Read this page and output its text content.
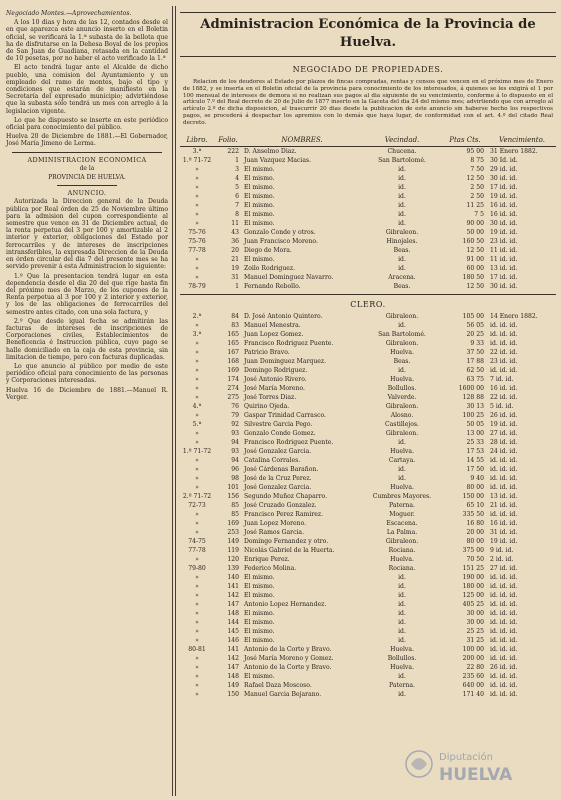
Negociado Montes.—Aprovechamientos.

A los 10 dias y hora de las 12, contados desde el en que aparezca este anuncio inserto en el Boletin oficial, se verificará la 1.ª subasta de la bellota que ha de disfrutarse en la Dehesa Boyal de los propios de San Juan de Guadiana, retasada en la cantidad de 10 pesetas, por no haber el acto verificado la 1.ª

El acto tendrá lugar ante el Alcalde de dicho pueblo, una comision del Ayuntamiento y un empleado del ramo de montes, bajo el tipo y condiciones que estarán de manifiesto en la Secretaría del expresado municipio; advirtiéndose que la subasta sólo tendrá un mes con arreglo á la legislacion vigente.

Lo que he dispuesto se inserte en este periódico oficial para conocimiento del público.

Huelva 20 de Diciembre de 1881.—El Gobernador, José María Jimeno de Lerma.

ADMINISTRACION ECONOMICA

de la

PROVINCIA DE HUELVA.

ANUNCIO.

Autorizada la Direccion general de la Deuda pública por Real órden de 25 de Noviembre último para la admision del cupon correspondiente al semestre que vence en 31 de Diciembre actual, de la renta perpetua del 3 por 100 y amortizable al 2 interior y exterior, obligaciones del Estado por ferrocarriles y de intereses de inscripciones intransferibles, la expresada Direccion de la Deuda en órden circular del dia 7 del presente mes se ha servido prevenir á esta Administracion lo siguiente:

1.º Que la presentacion tendrá lugar en esta dependencia desde el dia 20 del que rige hasta fin del próximo mes de Marzo, de los cupones de la Renta perpetua al 3 por 100 y 2 interior y exterior, y los de las obligaciones de ferrocarriles del semestre antes citado, con una sola factura, y

2.º Que desde igual fecha se admitirán las facturas de intereses de inscripciones de Corporaciones civiles, Establecimientos de Beneficencia é Instruccion pública, cuyo pago se halle domiciliado en la caja de esta provincia, sin limitacion de tiempo, pero con facturas duplicadas.

Lo que anuncio al público por medio de este periódico oficial para conocimiento de las personas y Corporaciones interesadas.

Huelva 16 de Diciembre de 1881.—Manuel R. Verger.

Administracion Económica de la Provincia de Huelva.
NEGOCIADO DE PROPIEDADES.

Relacion de los deudores al Estado por plazos de fincas compradas, rentas y censos que vencen en el próximo mes de Enero de 1882, y se inserta en el Boletin oficial de la provincia para conocimiento de los interesados, á quienes se les exigirá el 1 por 100 mensual de intereses de demora si no realizan sus pagos al dia siguiente de su vencimiento, conforme á lo dispuesto en el artículo 7.º del Real decreto de 20 de Julio de 1877 inserto en la Gaceta del dia 24 del mismo mes; advirtiendo que con arreglo al artículo 2.º de dicha disposicion, al trascurrir 20 dias desde la publicacion de este anuncio sin haberse hecho los respectivos pagos, se procederá á despachar los apremios con lo demás que haya lugar, de conformidad con el art. 4.º del citado Real decreto.

Libro.	Folio.	NOMBRES.	Vecindad.	Ptas Cts.	Vencimiento.
3.ª	222 D. Anselmo Diaz.	Chucena.	95 00 31 Enero 1882.
1.º 71-72	1 Juan Vazquez Macias.	San Bartolomé.	8 75 30 Id. id.
»	3 El mismo.	id.	7 50 29 id. id.
»	4 El mismo.	id.	12 50 30 id. id.
»	5 El mismo.	id.	2 50 17 id. id.
»	6 El mismo.	id.	2 50 19 id. id.
»	7 El mismo.	id.	11 25 16 id. id.
»	8 El mismo.	id.	7 5 16 id. id.
»	11 El mismo.	id.	90 00 30 id. id.
75-76	43 Gonzalo Conde y otros.	Gibraleon.	50 00 19 id. id.
75-76	36 Juan Francisco Moreno.	Hinojales.	160 50 23 id. id.
77-78	20 Diego de Mora.	Beas.	12 50 11 id. id.
»	21 El mismo.	id.	91 00 11 id. id.
»	19 Zoilo Rodriguez.	id.	60 00 13 id. id.
»	31 Manuel Dominguez Navarro.	Aracena.	180 50 17 id. id.
78-79	1 Fernando Rebollo.	Beas.	12 50 30 id. id.
CLERO.
2.ª	84 D. José Antonio Quintero.	Gibraleon.	105 00 14 Enero 1882.
»	83 Manuel Menestra.	id.	56 05 id. id. id.
3.ª	165 Juan Lopez Gomez.	San Bartolomé.	20 25 id. id. id.
»	165 Francisco Rodriguez Puente.	Gibraleon.	9 33 id. id. id.
»	167 Patricio Bravo.	Huelva.	37 50 22 id. id.
»	168 Juan Dominguez Marquez.	Beas.	17 88 23 id. id.
»	169 Domingo Rodriguez.	id.	62 50 id. id. id.
»	174 José Antonio Rivero.	Huelva.	63 75 7 id. id.
»	274 José María Moreno.	Bollullos.	1600 00 16 id. id.
»	275 José Torres Diaz.	Valverde.	128 88 22 id. id.
4.ª	76 Quirino Ojeda.	Gibraleon.	30 13 5 id. id.
»	79 Gaspar Trinidad Carrasco.	Alosno.	100 25 26 id. id.
5.ª	92 Silvestre Garcia Pego.	Castillejos.	50 05 19 id. id.
»	93 Gonzalo Conde Gomez.	Gibraleon.	13 00 27 id. id.
»	94 Francisco Rodriguez Puente.	id.	25 33 28 id. id.
1.º 71-72	93 José Gonzalez Garcia.	Huelva.	17 53 24 id. id.
»	94 Catalina Corrales.	Cartaya.	14 55 id. id. id.
»	96 José Cárdenas Barañon.	id.	17 50 id. id. id.
»	98 José de la Cruz Perez.	id.	9 40 id. id. id.
»	101 José Gonzalez Garcia.	Huelva.	80 00 id. id. id.
2.º 71-72	156 Segundo Muñoz Chaparro.	Cumbres Mayores.	150 00 13 id. id.
72-73	85 José Cruzado Gonzalez.	Paterna.	65 10 21 id. id.
»	85 Francisco Perez Ramirez.	Moguer.	335 50 id. id. id.
»	169 Juan Lopez Moreno.	Escacena.	16 80 16 id. id.
»	253 José Ramos Garcia.	La Palma.	20 00 31 id. id.
74-75	149 Domingo Fernandez y otro.	Gibraleon.	80 00 19 id. id.
77-78	119 Nicolás Gabriel de la Huerta.	Rociana.	375 00 9 id. id.
»	120 Enrique Perez.	Huelva.	70 50 2 id. id.
79-80	139 Federico Molina.	Rociana.	151 25 27 id. id.
»	140 El mismo.	id.	190 00 id. id. id.
»	141 El mismo.	id.	180 00 id. id. id.
»	142 El mismo.	id.	125 00 id. id. id.
»	147 Antonio Lopez Hernandez.	id.	405 25 id. id. id.
»	148 El mismo.	id.	30 00 id. id. id.
»	144 El mismo.	id.	30 00 id. id. id.
»	145 El mismo.	id.	25 25 id. id. id.
»	146 El mismo.	id.	31 25 id. id. id.
80-81	141 Antonio de la Corte y Bravo.	Huelva.	100 00 id. id. id.
»	142 José María Moreno y Gomez.	Bollullos.	200 00 id. id. id.
»	147 Antonio de la Corte y Bravo.	Huelva.	22 80 26 id. id.
»	148 El mismo.	id.	235 60 id. id. id.
»	149 Rafael Daza Moscoso.	Paterna.	640 00 id. id. id.
»	150 Manuel Garcia Bejarano.	id.	171 40 id. id. id.
Diputación
HUELVA
